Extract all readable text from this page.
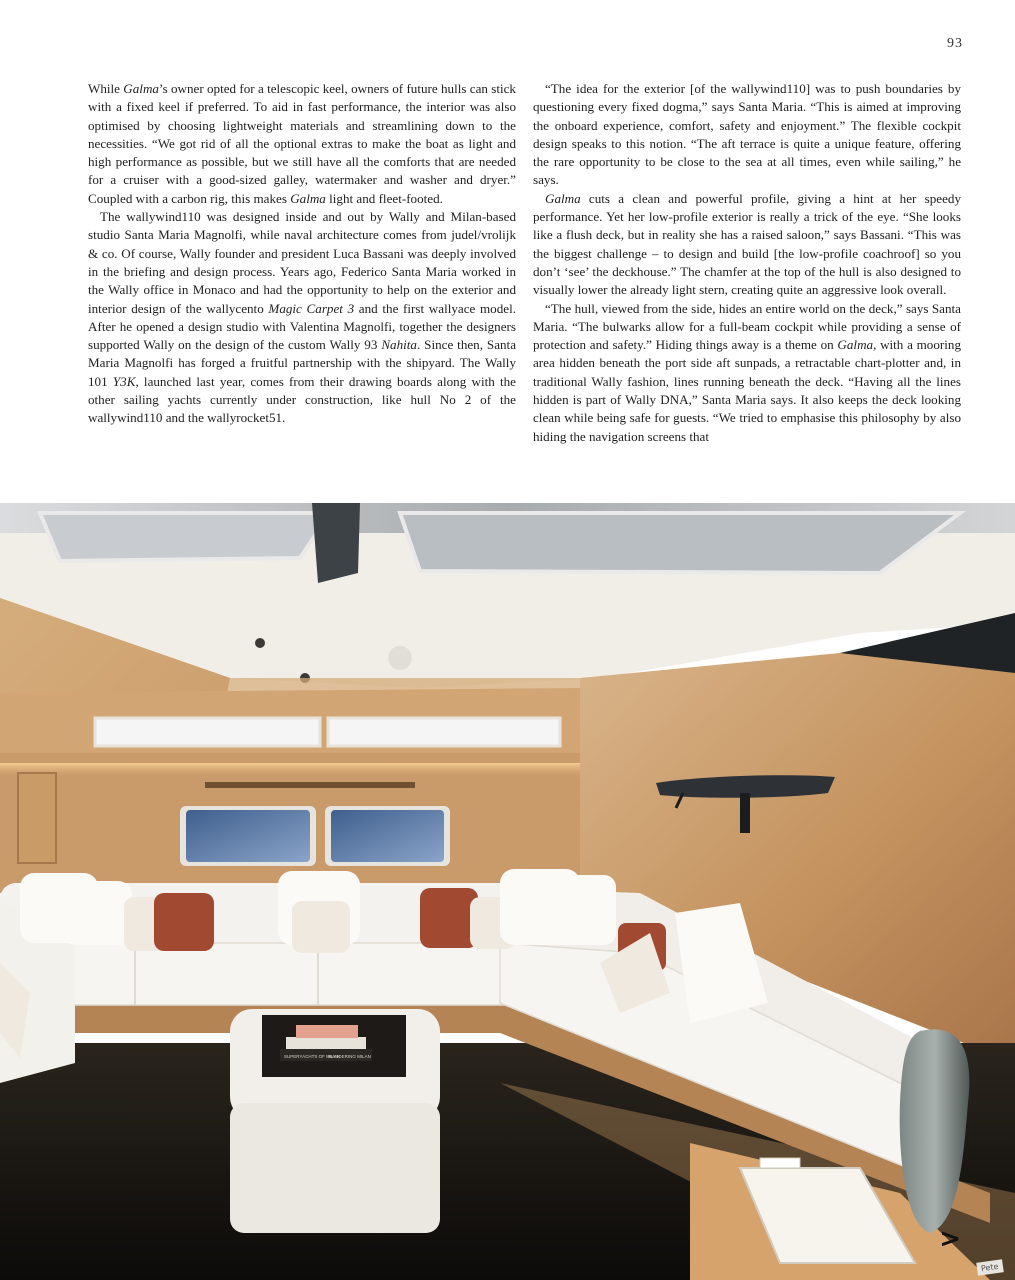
93

While Galma’s owner opted for a telescopic keel, owners of future hulls can stick with a fixed keel if preferred. To aid in fast performance, the interior was also optimised by choosing lightweight materials and streamlining down to the necessities. “We got rid of all the optional extras to make the boat as light and high performance as possible, but we still have all the comforts that are needed for a cruiser with a good-sized galley, watermaker and washer and dryer.” Coupled with a carbon rig, this makes Galma light and fleet-footed.

The wallywind110 was designed inside and out by Wally and Milan-based studio Santa Maria Magnolfi, while naval architecture comes from judel/vrolijk & co. Of course, Wally founder and president Luca Bassani was deeply involved in the briefing and design process. Years ago, Federico Santa Maria worked in the Wally office in Monaco and had the opportunity to help on the exterior and interior design of the wallycento Magic Carpet 3 and the first wallyace model. After he opened a design studio with Valentina Magnolfi, together the designers supported Wally on the design of the custom Wally 93 Nahita. Since then, Santa Maria Magnolfi has forged a fruitful partnership with the shipyard. The Wally 101 Y3K, launched last year, comes from their drawing boards along with the other sailing yachts currently under construction, like hull No 2 of the wallywind110 and the wallyrocket51.

“The idea for the exterior [of the wallywind110] was to push boundaries by questioning every fixed dogma,” says Santa Maria. “This is aimed at improving the onboard experience, comfort, safety and enjoyment.” The flexible cockpit design speaks to this notion. “The aft terrace is quite a unique feature, offering the rare opportunity to be close to the sea at all times, even while sailing,” he says.

Galma cuts a clean and powerful profile, giving a hint at her speedy performance. Yet her low-profile exterior is really a trick of the eye. “She looks like a flush deck, but in reality she has a raised saloon,” says Bassani. “This was the biggest challenge – to design and build [the low-profile coachroof] so you don’t ‘see’ the deckhouse.” The chamfer at the top of the hull is also designed to visually lower the already light stern, creating quite an aggressive look overall.

“The hull, viewed from the side, hides an entire world on the deck,” says Santa Maria. “The bulwarks allow for a full-beam cockpit while providing a sense of protection and safety.” Hiding things away is a theme on Galma, with a mooring area hidden beneath the port side aft sunpads, a retractable chart-plotter and, in traditional Wally fashion, lines running beneath the deck. “Having all the lines hidden is part of Wally DNA,” Santa Maria says. It also keeps the deck looking clean while being safe for guests. “We tried to emphasise this philosophy by also hiding the navigation screens that

SUPERYACHTS OF MILAN
WANDERING MILAN
>
Pete
